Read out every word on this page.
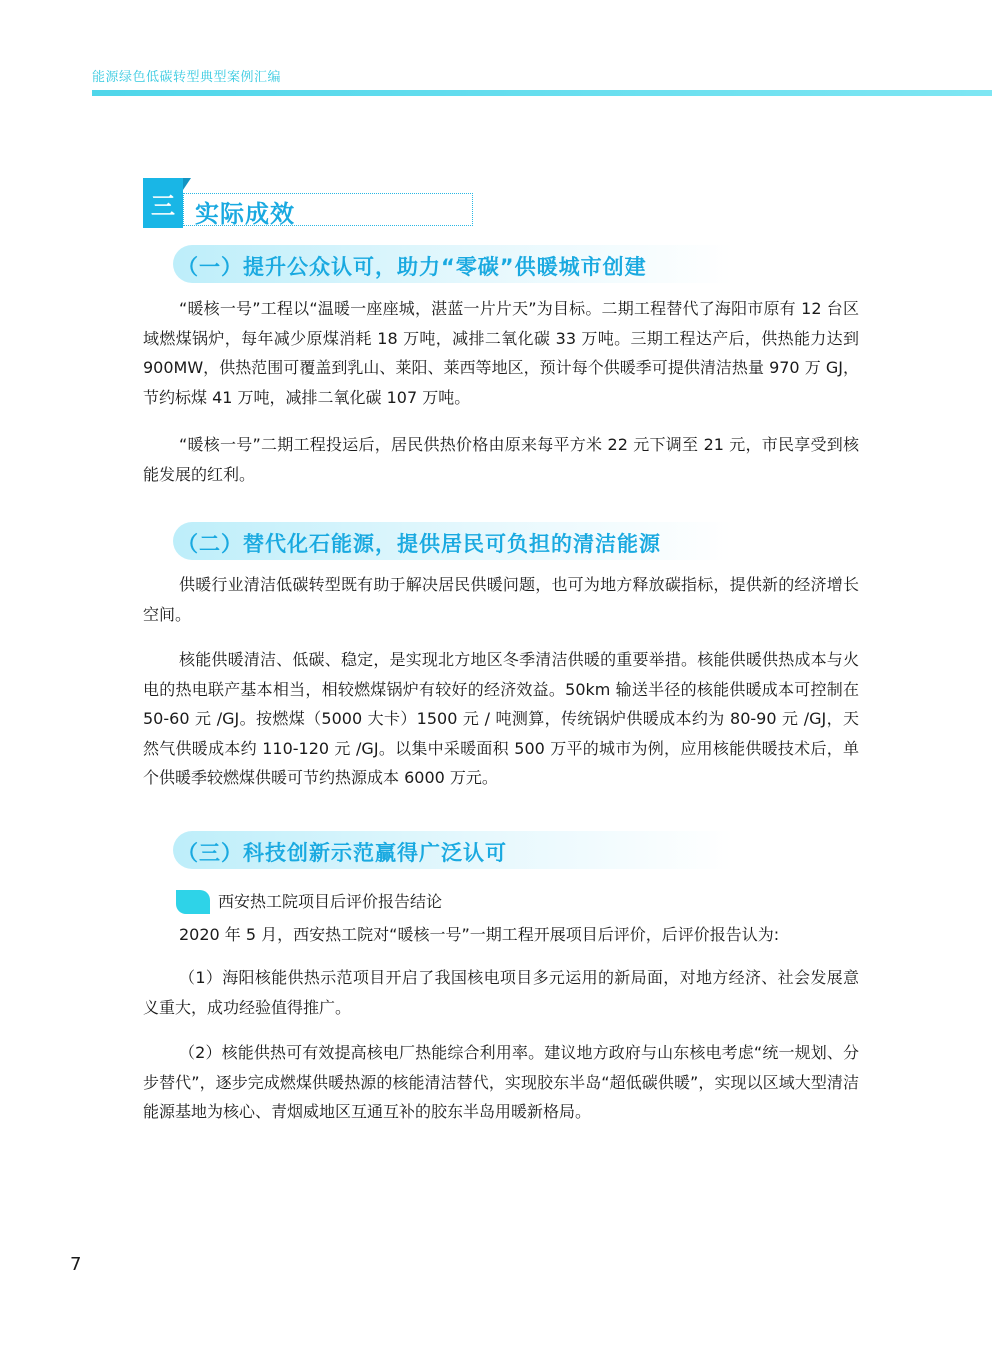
能源绿色低碳转型典型案例汇编
三 实际成效
（一）提升公众认可，助力“零碳”供暖城市创建

“暖核一号”工程以“温暖一座座城，湛蓝一片片天”为目标。二期工程替代了海阳市原有 12 台区域燃煤锅炉，每年减少原煤消耗 18 万吨，减排二氧化碳 33 万吨。三期工程达产后，供热能力达到 900MW，供热范围可覆盖到乳山、莱阳、莱西等地区，预计每个供暖季可提供清洁热量 970 万 GJ，节约标煤 41 万吨，减排二氧化碳 107 万吨。

“暖核一号”二期工程投运后，居民供热价格由原来每平方米 22 元下调至 21 元，市民享受到核能发展的红利。

（二）替代化石能源，提供居民可负担的清洁能源

供暖行业清洁低碳转型既有助于解决居民供暖问题，也可为地方释放碳指标，提供新的经济增长空间。

核能供暖清洁、低碳、稳定，是实现北方地区冬季清洁供暖的重要举措。核能供暖供热成本与火电的热电联产基本相当，相较燃煤锅炉有较好的经济效益。50km 输送半径的核能供暖成本可控制在 50-60 元 /GJ。按燃煤（5000 大卡）1500 元 / 吨测算，传统锅炉供暖成本约为 80-90 元 /GJ，天然气供暖成本约 110-120 元 /GJ。以集中采暖面积 500 万平的城市为例，应用核能供暖技术后，单个供暖季较燃煤供暖可节约热源成本 6000 万元。

（三）科技创新示范赢得广泛认可
西安热工院项目后评价报告结论

2020 年 5 月，西安热工院对“暖核一号”一期工程开展项目后评价，后评价报告认为:

（1）海阳核能供热示范项目开启了我国核电项目多元运用的新局面，对地方经济、社会发展意义重大，成功经验值得推广。

（2）核能供热可有效提高核电厂热能综合利用率。建议地方政府与山东核电考虑“统一规划、分步替代”，逐步完成燃煤供暖热源的核能清洁替代，实现胶东半岛“超低碳供暖”，实现以区域大型清洁能源基地为核心、青烟威地区互通互补的胶东半岛用暖新格局。

7
